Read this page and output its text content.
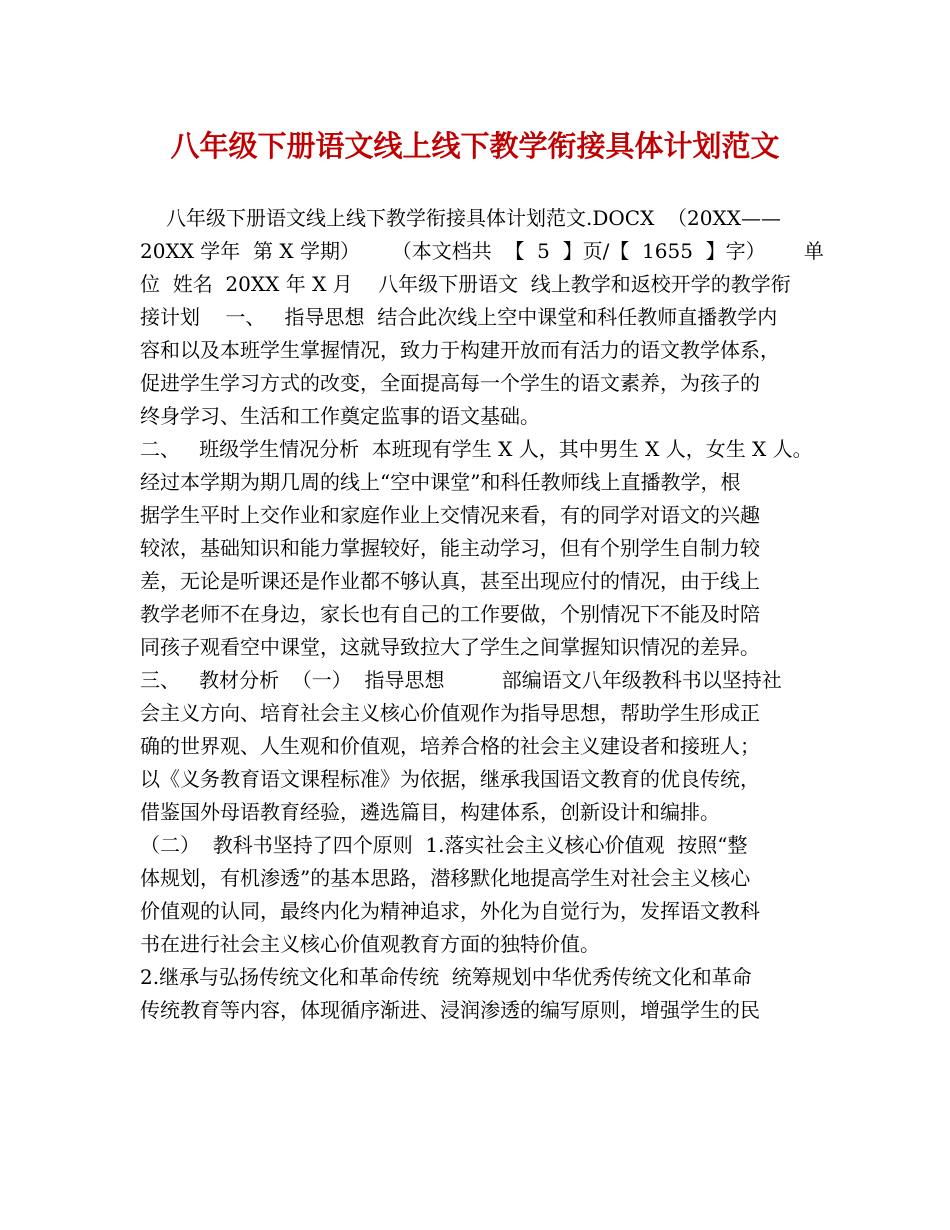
八年级下册语文线上线下教学衔接具体计划范文
八年级下册语文线上线下教学衔接具体计划范文.DOCX  （20XX——
20XX 学年  第 X 学期）     （本文档共  【  5  】页/【  1655  】字）      单
位  姓名  20XX 年 X 月    八年级下册语文  线上教学和返校开学的教学衔
接计划    一、   指导思想  结合此次线上空中课堂和科任教师直播教学内
容和以及本班学生掌握情况，致力于构建开放而有活力的语文教学体系，
促进学生学习方式的改变，全面提高每一个学生的语文素养，为孩子的
终身学习、生活和工作奠定监事的语文基础。
二、   班级学生情况分析  本班现有学生 X 人，其中男生 X 人，女生 X 人。
经过本学期为期几周的线上“空中课堂”和科任教师线上直播教学，根
据学生平时上交作业和家庭作业上交情况来看，有的同学对语文的兴趣
较浓，基础知识和能力掌握较好，能主动学习，但有个别学生自制力较
差，无论是听课还是作业都不够认真，甚至出现应付的情况，由于线上
教学老师不在身边，家长也有自己的工作要做，个别情况下不能及时陪
同孩子观看空中课堂，这就导致拉大了学生之间掌握知识情况的差异。
三、   教材分析  （一）  指导思想         部编语文八年级教科书以坚持社
会主义方向、培育社会主义核心价值观作为指导思想，帮助学生形成正
确的世界观、人生观和价值观，培养合格的社会主义建设者和接班人；
以《义务教育语文课程标准》为依据，继承我国语文教育的优良传统，
借鉴国外母语教育经验，遴选篇目，构建体系，创新设计和编排。
（二）  教科书坚持了四个原则  1.落实社会主义核心价值观  按照“整
体规划，有机渗透”的基本思路，潜移默化地提高学生对社会主义核心
价值观的认同，最终内化为精神追求，外化为自觉行为，发挥语文教科
书在进行社会主义核心价值观教育方面的独特价值。
2.继承与弘扬传统文化和革命传统  统筹规划中华优秀传统文化和革命
传统教育等内容，体现循序渐进、浸润渗透的编写原则，增强学生的民
